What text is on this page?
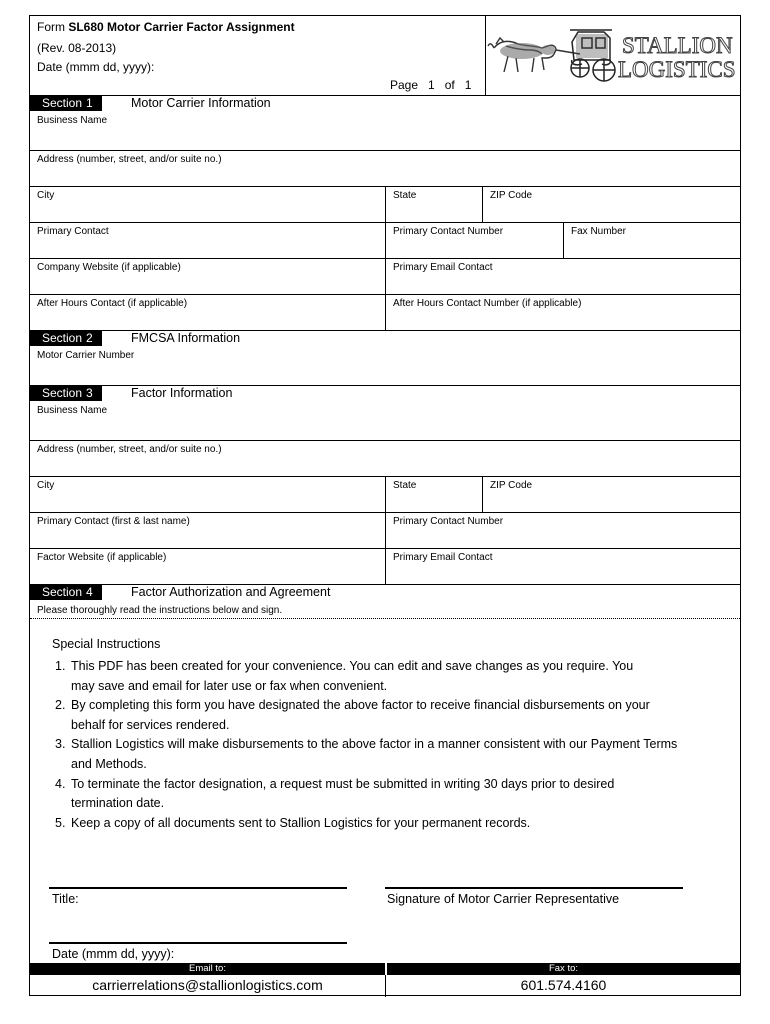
Form SL680 Motor Carrier Factor Assignment
(Rev. 08-2013)
Date (mmm dd, yyyy):
Page 1 of 1
STALLION
LOGISTICS
Section 1	Motor Carrier Information
Business Name
Address (number, street, and/or suite no.)
City	State	ZIP Code
Primary Contact	Primary Contact Number	Fax Number
Company Website (if applicable)	Primary Email Contact
After Hours Contact (if applicable)	After Hours Contact Number (if applicable)
Section 2	FMCSA Information
Motor Carrier Number
Section 3	Factor Information
Business Name
Address (number, street, and/or suite no.)
City	State	ZIP Code
Primary Contact (first & last name)	Primary Contact Number
Factor Website (if applicable)	Primary Email Contact
Section 4	Factor Authorization and Agreement
Please thoroughly read the instructions below and sign.
Special Instructions
1. This PDF has been created for your convenience. You can edit and save changes as you require. You
may save and email for later use or fax when convenient.
2. By completing this form you have designated the above factor to receive financial disbursements on your
behalf for services rendered.
3. Stallion Logistics will make disbursements to the above factor in a manner consistent with our Payment Terms
and Methods.
4. To terminate the factor designation, a request must be submitted in writing 30 days prior to desired
termination date.
5. Keep a copy of all documents sent to Stallion Logistics for your permanent records.
Title:	Signature of Motor Carrier Representative
Date (mmm dd, yyyy):
Email to:	Fax to:
carrierrelations@stallionlogistics.com	601.574.4160
